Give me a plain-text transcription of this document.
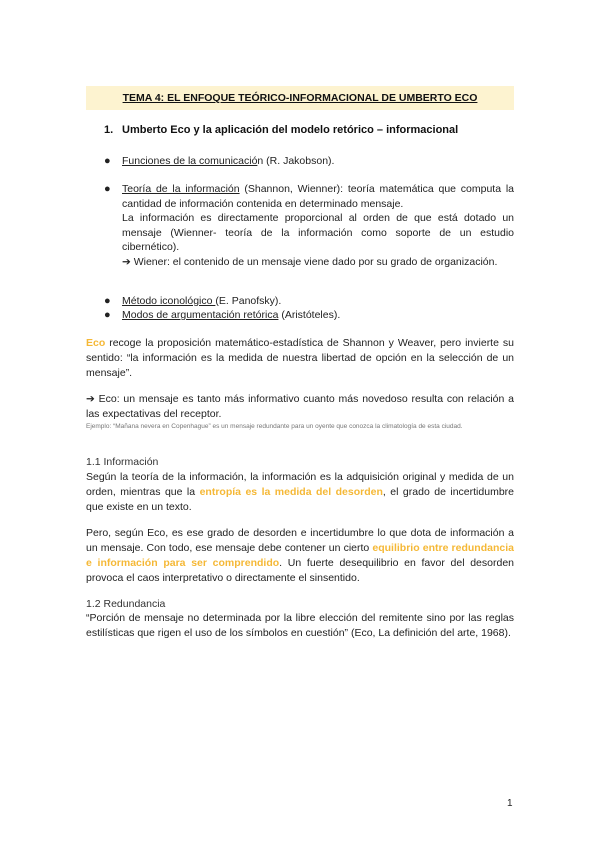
TEMA 4: EL ENFOQUE TEÓRICO-INFORMACIONAL DE UMBERTO ECO
1. Umberto Eco y la aplicación del modelo retórico – informacional
● Funciones de la comunicación (R. Jakobson).
● Teoría de la información (Shannon, Wienner): teoría matemática que computa la cantidad de información contenida en determinado mensaje.
La información es directamente proporcional al orden de que está dotado un mensaje (Wienner- teoría de la información como soporte de un estudio cibernético).
➔ Wiener: el contenido de un mensaje viene dado por su grado de organización.
● Método iconológico (E. Panofsky).
● Modos de argumentación retórica (Aristóteles).
Eco recoge la proposición matemático-estadística de Shannon y Weaver, pero invierte su sentido: “la información es la medida de nuestra libertad de opción en la selección de un mensaje”.
➔ Eco: un mensaje es tanto más informativo cuanto más novedoso resulta con relación a las expectativas del receptor.
Ejemplo: “Mañana nevera en Copenhague” es un mensaje redundante para un oyente que conozca la climatología de esta ciudad.
1.1 Información
Según la teoría de la información, la información es la adquisición original y medida de un orden, mientras que la entropía es la medida del desorden, el grado de incertidumbre que existe en un texto.
Pero, según Eco, es ese grado de desorden e incertidumbre lo que dota de información a un mensaje. Con todo, ese mensaje debe contener un cierto equilibrio entre redundancia e información para ser comprendido. Un fuerte desequilibrio en favor del desorden provoca el caos interpretativo o directamente el sinsentido.
1.2 Redundancia
“Porción de mensaje no determinada por la libre elección del remitente sino por las reglas estilísticas que rigen el uso de los símbolos en cuestión” (Eco, La definición del arte, 1968).
1
